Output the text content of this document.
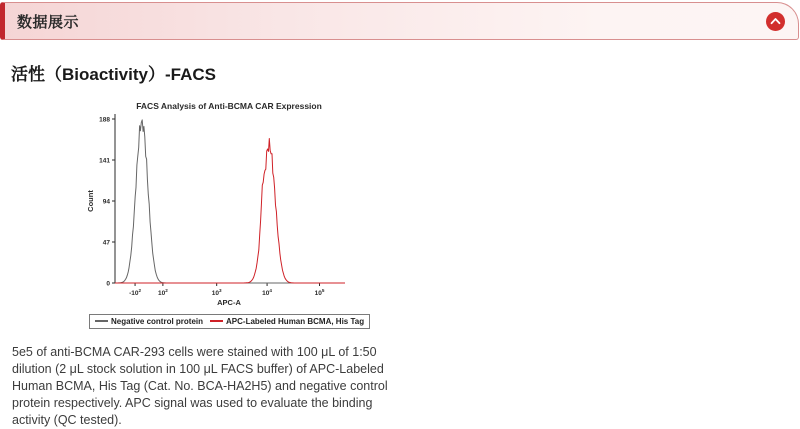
数据展示
活性（Bioactivity）-FACS
FACS Analysis of Anti-BCMA CAR Expression
0
47
94
141
188
Count
$-10^2$	$10^2$	$10^3$	$10^4$	$10^5$
APC-A
Negative control protein	APC-Labeled Human BCMA, His Tag

5e5 of anti-BCMA CAR-293 cells were stained with 100 μL of 1:50 dilution (2 μL stock solution in 100 μL FACS buffer) of APC-Labeled Human BCMA, His Tag (Cat. No. BCA-HA2H5) and negative control protein respectively. APC signal was used to evaluate the binding activity (QC tested).
